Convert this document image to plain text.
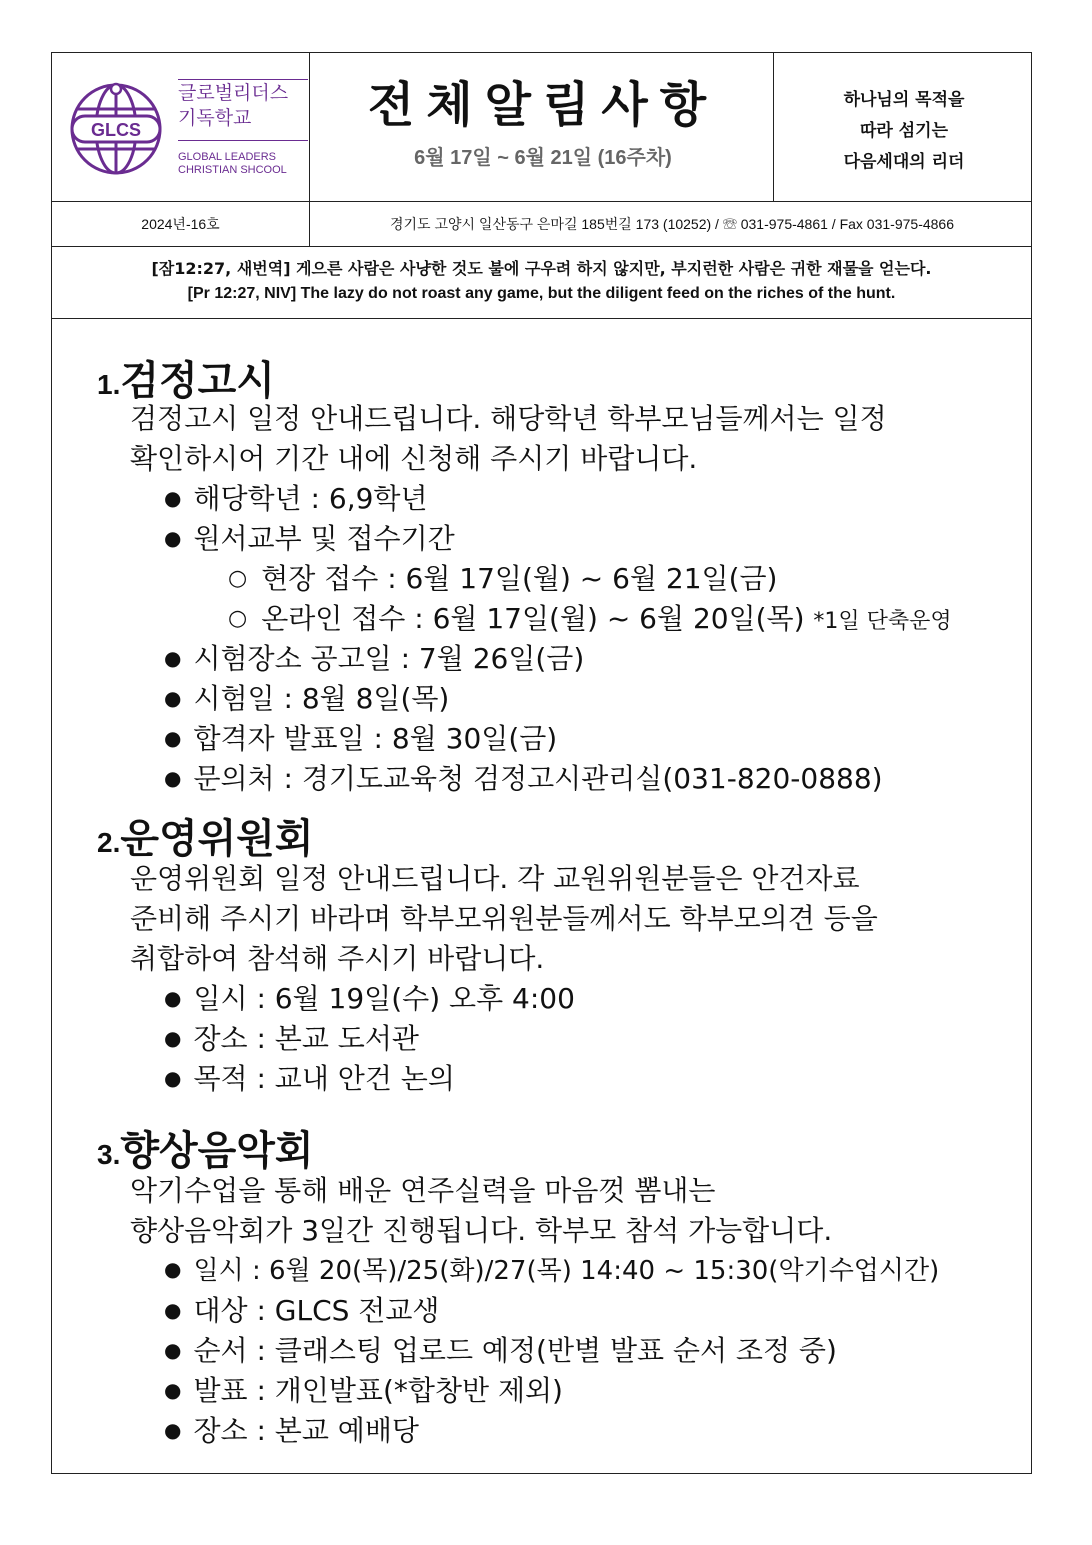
GLCS
글로벌리더스
기독학교
GLOBAL LEADERS
CHRISTIAN SHCOOL
전체알림사항
6월 17일 ~ 6월 21일 (16주차)
하나님의 목적을
따라 섬기는
다음세대의 리더
2024년-16호	경기도 고양시 일산동구 은마길 185번길 173 (10252) / ☏ 031-975-4861 / Fax 031-975-4866
[잠12:27, 새번역] 게으른 사람은 사냥한 것도 불에 구우려 하지 않지만, 부지런한 사람은 귀한 재물을 얻는다.
[Pr 12:27, NIV] The lazy do not roast any game, but the diligent feed on the riches of the hunt.
1.검정고시
검정고시 일정 안내드립니다. 해당학년 학부모님들께서는 일정
확인하시어 기간 내에 신청해 주시기 바랍니다.
● 해당학년 : 6,9학년
● 원서교부 및 접수기간
○ 현장 접수 : 6월 17일(월) ~ 6월 21일(금)
○ 온라인 접수 : 6월 17일(월) ~ 6월 20일(목) *1일 단축운영
● 시험장소 공고일 : 7월 26일(금)
● 시험일 : 8월 8일(목)
● 합격자 발표일 : 8월 30일(금)
● 문의처 : 경기도교육청 검정고시관리실(031-820-0888)
2.운영위원회
운영위원회 일정 안내드립니다. 각 교원위원분들은 안건자료
준비해 주시기 바라며 학부모위원분들께서도 학부모의견 등을
취합하여 참석해 주시기 바랍니다.
● 일시 : 6월 19일(수) 오후 4:00
● 장소 : 본교 도서관
● 목적 : 교내 안건 논의
3.향상음악회
악기수업을 통해 배운 연주실력을 마음껏 뽐내는
향상음악회가 3일간 진행됩니다. 학부모 참석 가능합니다.
● 일시 : 6월 20(목)/25(화)/27(목) 14:40 ~ 15:30(악기수업시간)
● 대상 : GLCS 전교생
● 순서 : 클래스팅 업로드 예정(반별 발표 순서 조정 중)
● 발표 : 개인발표(*합창반 제외)
● 장소 : 본교 예배당
